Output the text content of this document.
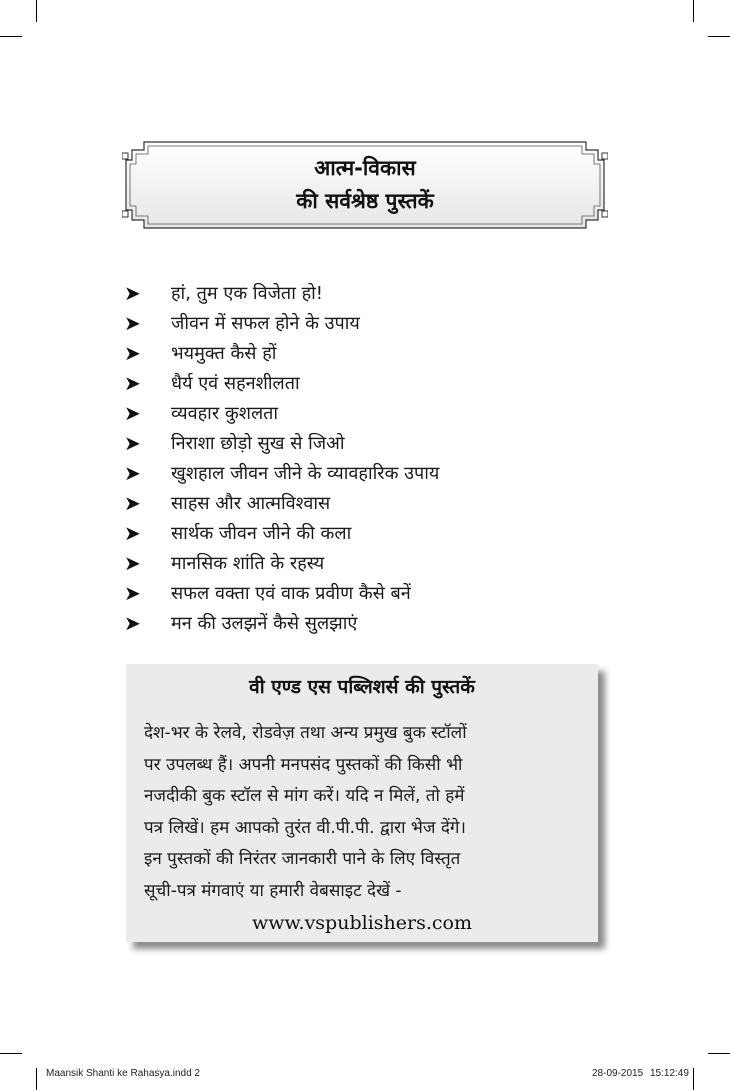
आत्म-विकास
की सर्वश्रेष्ठ पुस्तकें
➤	हां, तुम एक विजेता हो!
➤	जीवन में सफल होने के उपाय
➤	भयमुक्त कैसे हों
➤	धैर्य एवं सहनशीलता
➤	व्यवहार कुशलता
➤	निराशा छोड़ो सुख से जिओ
➤	खुशहाल जीवन जीने के व्यावहारिक उपाय
➤	साहस और आत्मविश्वास
➤	सार्थक जीवन जीने की कला
➤	मानसिक शांति के रहस्य
➤	सफल वक्ता एवं वाक प्रवीण कैसे बनें
➤	मन की उलझनें कैसे सुलझाएं
वी एण्ड एस पब्लिशर्स की पुस्तकें
देश-भर के रेलवे, रोडवेज़ तथा अन्य प्रमुख बुक स्टॉलों
पर उपलब्ध हैं। अपनी मनपसंद पुस्तकों की किसी भी
नजदीकी बुक स्टॉल से मांग करें। यदि न मिलें, तो हमें
पत्र लिखें। हम आपको तुरंत वी.पी.पी. द्वारा भेज देंगे।
इन पुस्तकों की निरंतर जानकारी पाने के लिए विस्तृत
सूची-पत्र मंगवाएं या हमारी वेबसाइट देखें -
www.vspublishers.com
Maansik Shanti ke Rahasya.indd 2	28-09-2015 15:12:49
